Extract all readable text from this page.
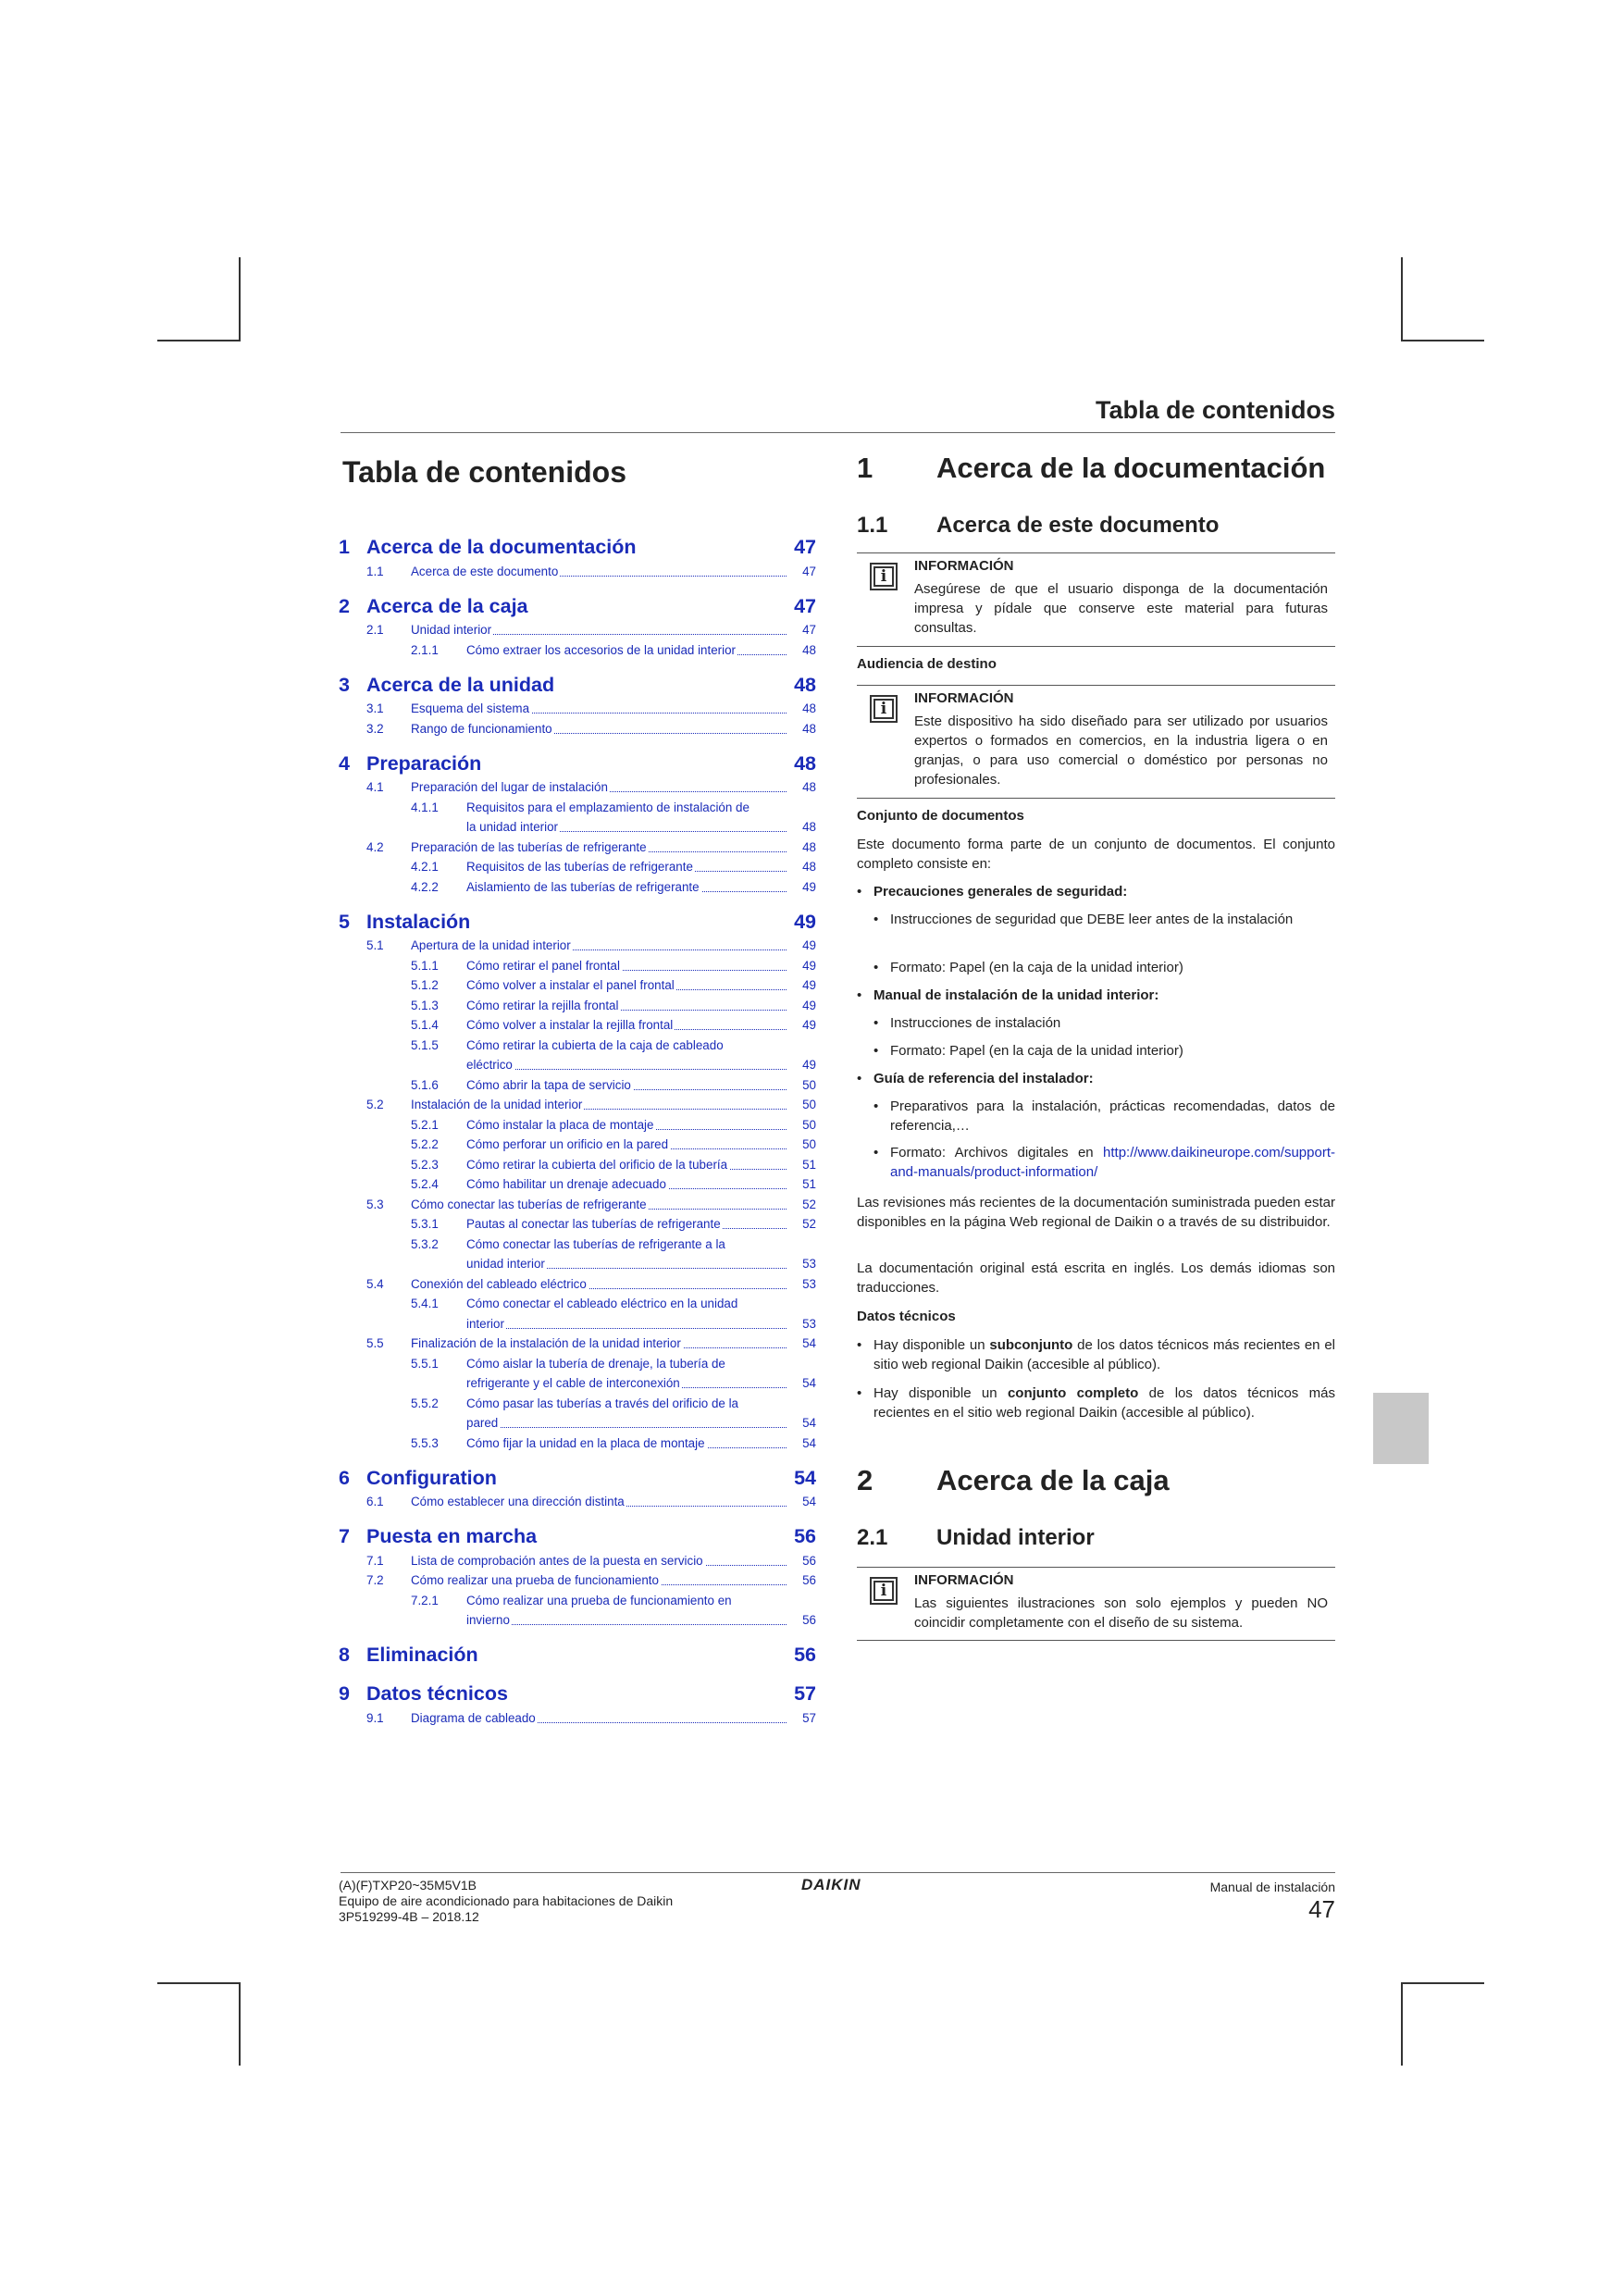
Tabla de contenidos
Tabla de contenidos
1 Acerca de la documentación	47
1.1	Acerca de este documento	47
2 Acerca de la caja	47
2.1	Unidad interior	47
2.1.1	Cómo extraer los accesorios de la unidad interior	48
3 Acerca de la unidad	48
3.1	Esquema del sistema	48
3.2	Rango de funcionamiento	48
4 Preparación	48
4.1	Preparación del lugar de instalación	48
4.1.1	Requisitos para el emplazamiento de instalación de
la unidad interior	48
4.2	Preparación de las tuberías de refrigerante	48
4.2.1	Requisitos de las tuberías de refrigerante	48
4.2.2	Aislamiento de las tuberías de refrigerante	49
5 Instalación	49
5.1	Apertura de la unidad interior	49
5.1.1	Cómo retirar el panel frontal	49
5.1.2	Cómo volver a instalar el panel frontal	49
5.1.3	Cómo retirar la rejilla frontal	49
5.1.4	Cómo volver a instalar la rejilla frontal	49
5.1.5	Cómo retirar la cubierta de la caja de cableado
eléctrico	49
5.1.6	Cómo abrir la tapa de servicio	50
5.2	Instalación de la unidad interior	50
5.2.1	Cómo instalar la placa de montaje	50
5.2.2	Cómo perforar un orificio en la pared	50
5.2.3	Cómo retirar la cubierta del orificio de la tubería	51
5.2.4	Cómo habilitar un drenaje adecuado	51
5.3	Cómo conectar las tuberías de refrigerante	52
5.3.1	Pautas al conectar las tuberías de refrigerante	52
5.3.2	Cómo conectar las tuberías de refrigerante a la
unidad interior	53
5.4	Conexión del cableado eléctrico	53
5.4.1	Cómo conectar el cableado eléctrico en la unidad
interior	53
5.5	Finalización de la instalación de la unidad interior	54
5.5.1	Cómo aislar la tubería de drenaje, la tubería de
refrigerante y el cable de interconexión	54
5.5.2	Cómo pasar las tuberías a través del orificio de la
pared	54
5.5.3	Cómo fijar la unidad en la placa de montaje	54
6 Configuration	54
6.1	Cómo establecer una dirección distinta	54
7 Puesta en marcha	56
7.1	Lista de comprobación antes de la puesta en servicio	56
7.2	Cómo realizar una prueba de funcionamiento	56
7.2.1	Cómo realizar una prueba de funcionamiento en
invierno	56
8 Eliminación	56
9 Datos técnicos	57
9.1	Diagrama de cableado	57
1	Acerca de la documentación
1.1	Acerca de este documento
i
INFORMACIÓN
Asegúrese de que el usuario disponga de la documentación impresa y pídale que conserve este material para futuras consultas.
Audiencia de destino
i
INFORMACIÓN
Este dispositivo ha sido diseñado para ser utilizado por usuarios expertos o formados en comercios, en la industria ligera o en granjas, o para uso comercial o doméstico por personas no profesionales.
Conjunto de documentos
Este documento forma parte de un conjunto de documentos. El conjunto completo consiste en:
• Precauciones generales de seguridad:
• Instrucciones de seguridad que DEBE leer antes de la instalación
• Formato: Papel (en la caja de la unidad interior)
• Manual de instalación de la unidad interior:
• Instrucciones de instalación
• Formato: Papel (en la caja de la unidad interior)
• Guía de referencia del instalador:
• Preparativos para la instalación, prácticas recomendadas, datos de referencia,…
• Formato: Archivos digitales en http://www.daikineurope.com/support-and-manuals/product-information/
Las revisiones más recientes de la documentación suministrada pueden estar disponibles en la página Web regional de Daikin o a través de su distribuidor.
La documentación original está escrita en inglés. Los demás idiomas son traducciones.
Datos técnicos
• Hay disponible un subconjunto de los datos técnicos más recientes en el sitio web regional Daikin (accesible al público).
• Hay disponible un conjunto completo de los datos técnicos más recientes en el sitio web regional Daikin (accesible al público).
2	Acerca de la caja
2.1	Unidad interior
i
INFORMACIÓN
Las siguientes ilustraciones son solo ejemplos y pueden NO coincidir completamente con el diseño de su sistema.
(A)(F)TXP20~35M5V1B
Equipo de aire acondicionado para habitaciones de Daikin
3P519299-4B – 2018.12
DAIKIN	Manual de instalación
47
